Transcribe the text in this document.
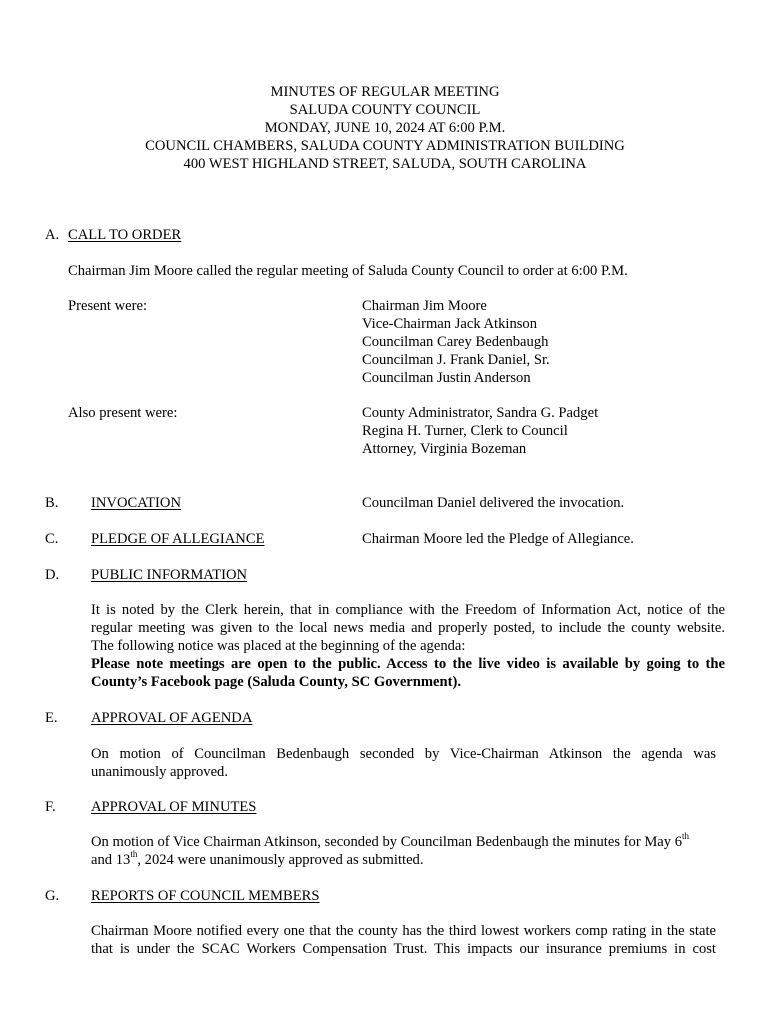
MINUTES OF REGULAR MEETING
SALUDA COUNTY COUNCIL
MONDAY, JUNE 10, 2024 AT 6:00 P.M.
COUNCIL CHAMBERS, SALUDA COUNTY ADMINISTRATION BUILDING
400 WEST HIGHLAND STREET, SALUDA, SOUTH CAROLINA
A. CALL TO ORDER
Chairman Jim Moore called the regular meeting of Saluda County Council to order at 6:00 P.M.
Present were:	Chairman Jim Moore
Vice-Chairman Jack Atkinson
Councilman Carey Bedenbaugh
Councilman J. Frank Daniel, Sr.
Councilman Justin Anderson
Also present were:	County Administrator, Sandra G. Padget
Regina H. Turner, Clerk to Council
Attorney, Virginia Bozeman
B. INVOCATION	Councilman Daniel delivered the invocation.
C. PLEDGE OF ALLEGIANCE	Chairman Moore led the Pledge of Allegiance.
D. PUBLIC INFORMATION
It is noted by the Clerk herein, that in compliance with the Freedom of Information Act, notice of the
regular meeting was given to the local news media and properly posted, to include the county website.
The following notice was placed at the beginning of the agenda:
Please note meetings are open to the public. Access to the live video is available by going to the
County’s Facebook page (Saluda County, SC Government).
E. APPROVAL OF AGENDA
On motion of Councilman Bedenbaugh seconded by Vice-Chairman Atkinson the agenda was
unanimously approved.
F. APPROVAL OF MINUTES
On motion of Vice Chairman Atkinson, seconded by Councilman Bedenbaugh the minutes for May 6th
and 13th, 2024 were unanimously approved as submitted.
G. REPORTS OF COUNCIL MEMBERS
Chairman Moore notified every one that the county has the third lowest workers comp rating in the state
that is under the SCAC Workers Compensation Trust. This impacts our insurance premiums in cost
